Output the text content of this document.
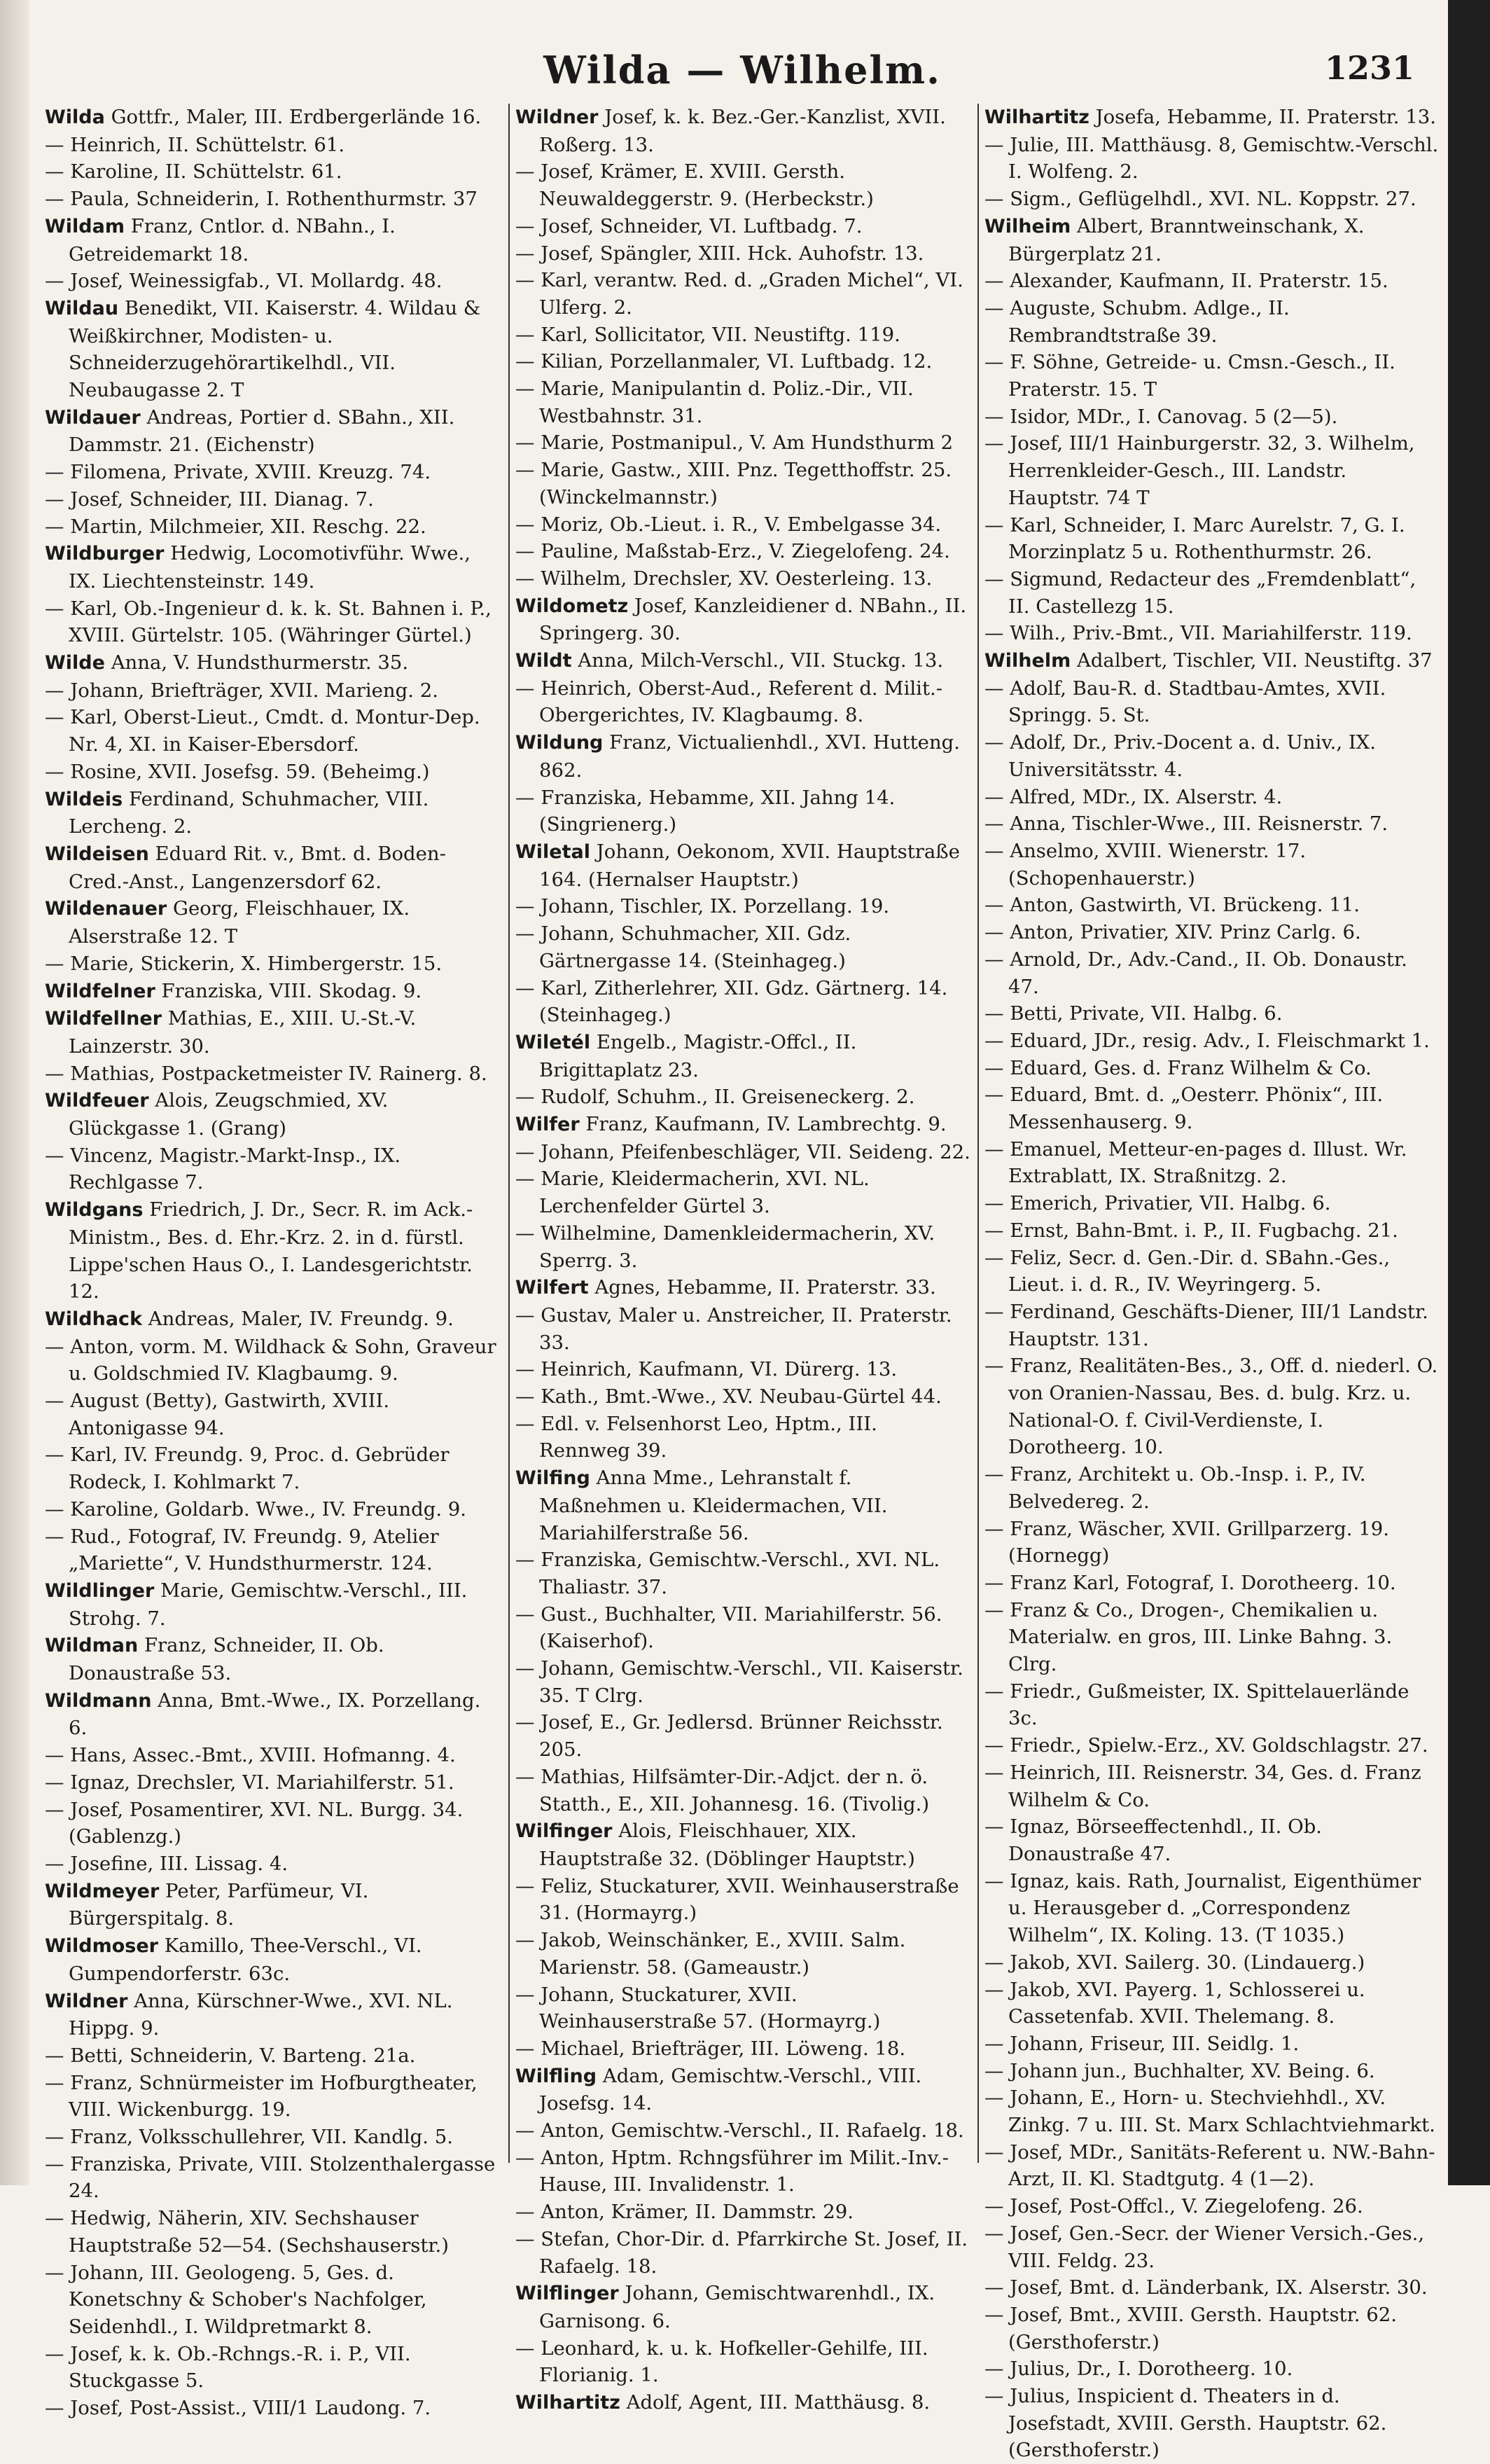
Wilda — Wilhelm.	1231

Wilda Gottfr., Maler, III. Erdbergerlände 16.

— Heinrich, II. Schüttelstr. 61.

— Karoline, II. Schüttelstr. 61.

— Paula, Schneiderin, I. Rothenthurmstr. 37

Wildam Franz, Cntlor. d. NBahn., I. Getreidemarkt 18.

— Josef, Weinessigfab., VI. Mollardg. 48.

Wildau Benedikt, VII. Kaiserstr. 4. Wildau & Weißkirchner, Modisten- u. Schneiderzugehörartikelhdl., VII. Neubaugasse 2. T

Wildauer Andreas, Portier d. SBahn., XII. Dammstr. 21. (Eichenstr)

— Filomena, Private, XVIII. Kreuzg. 74.

— Josef, Schneider, III. Dianag. 7.

— Martin, Milchmeier, XII. Reschg. 22.

Wildburger Hedwig, Locomotivführ. Wwe., IX. Liechtensteinstr. 149.

— Karl, Ob.-Ingenieur d. k. k. St. Bahnen i. P., XVIII. Gürtelstr. 105. (Währinger Gürtel.)

Wilde Anna, V. Hundsthurmerstr. 35.

— Johann, Briefträger, XVII. Marieng. 2.

— Karl, Oberst-Lieut., Cmdt. d. Montur-Dep. Nr. 4, XI. in Kaiser-Ebersdorf.

— Rosine, XVII. Josefsg. 59. (Beheimg.)

Wildeis Ferdinand, Schuhmacher, VIII. Lercheng. 2.

Wildeisen Eduard Rit. v., Bmt. d. Boden-Cred.-Anst., Langenzersdorf 62.

Wildenauer Georg, Fleischhauer, IX. Alserstraße 12. T

— Marie, Stickerin, X. Himbergerstr. 15.

Wildfelner Franziska, VIII. Skodag. 9.

Wildfellner Mathias, E., XIII. U.-St.-V. Lainzerstr. 30.

— Mathias, Postpacketmeister IV. Rainerg. 8.

Wildfeuer Alois, Zeugschmied, XV. Glückgasse 1. (Grang)

— Vincenz, Magistr.-Markt-Insp., IX. Rechlgasse 7.

Wildgans Friedrich, J. Dr., Secr. R. im Ack.-Ministm., Bes. d. Ehr.-Krz. 2. in d. fürstl. Lippe'schen Haus O., I. Landesgerichtstr. 12.

Wildhack Andreas, Maler, IV. Freundg. 9.

— Anton, vorm. M. Wildhack & Sohn, Graveur u. Goldschmied IV. Klagbaumg. 9.

— August (Betty), Gastwirth, XVIII. Antonigasse 94.

— Karl, IV. Freundg. 9, Proc. d. Gebrüder Rodeck, I. Kohlmarkt 7.

— Karoline, Goldarb. Wwe., IV. Freundg. 9.

— Rud., Fotograf, IV. Freundg. 9, Atelier „Mariette“, V. Hundsthurmerstr. 124.

Wildlinger Marie, Gemischtw.-Verschl., III. Strohg. 7.

Wildman Franz, Schneider, II. Ob. Donaustraße 53.

Wildmann Anna, Bmt.-Wwe., IX. Porzellang. 6.

— Hans, Assec.-Bmt., XVIII. Hofmanng. 4.

— Ignaz, Drechsler, VI. Mariahilferstr. 51.

— Josef, Posamentirer, XVI. NL. Burgg. 34. (Gablenzg.)

— Josefine, III. Lissag. 4.

Wildmeyer Peter, Parfümeur, VI. Bürgerspitalg. 8.

Wildmoser Kamillo, Thee-Verschl., VI. Gumpendorferstr. 63c.

Wildner Anna, Kürschner-Wwe., XVI. NL. Hippg. 9.

— Betti, Schneiderin, V. Barteng. 21a.

— Franz, Schnürmeister im Hofburgtheater, VIII. Wickenburgg. 19.

— Franz, Volksschullehrer, VII. Kandlg. 5.

— Franziska, Private, VIII. Stolzenthalergasse 24.

— Hedwig, Näherin, XIV. Sechshauser Hauptstraße 52—54. (Sechshauserstr.)

— Johann, III. Geologeng. 5, Ges. d. Konetschny & Schober's Nachfolger, Seidenhdl., I. Wildpretmarkt 8.

— Josef, k. k. Ob.-Rchngs.-R. i. P., VII. Stuckgasse 5.

— Josef, Post-Assist., VIII/1 Laudong. 7.

Wildner Josef, k. k. Bez.-Ger.-Kanzlist, XVII. Roßerg. 13.

— Josef, Krämer, E. XVIII. Gersth. Neuwaldeggerstr. 9. (Herbeckstr.)

— Josef, Schneider, VI. Luftbadg. 7.

— Josef, Spängler, XIII. Hck. Auhofstr. 13.

— Karl, verantw. Red. d. „Graden Michel“, VI. Ulferg. 2.

— Karl, Sollicitator, VII. Neustiftg. 119.

— Kilian, Porzellanmaler, VI. Luftbadg. 12.

— Marie, Manipulantin d. Poliz.-Dir., VII. Westbahnstr. 31.

— Marie, Postmanipul., V. Am Hundsthurm 2

— Marie, Gastw., XIII. Pnz. Tegetthoffstr. 25. (Winckelmannstr.)

— Moriz, Ob.-Lieut. i. R., V. Embelgasse 34.

— Pauline, Maßstab-Erz., V. Ziegelofeng. 24.

— Wilhelm, Drechsler, XV. Oesterleing. 13.

Wildometz Josef, Kanzleidiener d. NBahn., II. Springerg. 30.

Wildt Anna, Milch-Verschl., VII. Stuckg. 13.

— Heinrich, Oberst-Aud., Referent d. Milit.-Obergerichtes, IV. Klagbaumg. 8.

Wildung Franz, Victualienhdl., XVI. Hutteng. 862.

— Franziska, Hebamme, XII. Jahng 14. (Singrienerg.)

Wiletal Johann, Oekonom, XVII. Hauptstraße 164. (Hernalser Hauptstr.)

— Johann, Tischler, IX. Porzellang. 19.

— Johann, Schuhmacher, XII. Gdz. Gärtnergasse 14. (Steinhageg.)

— Karl, Zitherlehrer, XII. Gdz. Gärtnerg. 14. (Steinhageg.)

Wiletél Engelb., Magistr.-Offcl., II. Brigittaplatz 23.

— Rudolf, Schuhm., II. Greiseneckerg. 2.

Wilfer Franz, Kaufmann, IV. Lambrechtg. 9.

— Johann, Pfeifenbeschläger, VII. Seideng. 22.

— Marie, Kleidermacherin, XVI. NL. Lerchenfelder Gürtel 3.

— Wilhelmine, Damenkleidermacherin, XV. Sperrg. 3.

Wilfert Agnes, Hebamme, II. Praterstr. 33.

— Gustav, Maler u. Anstreicher, II. Praterstr. 33.

— Heinrich, Kaufmann, VI. Dürerg. 13.

— Kath., Bmt.-Wwe., XV. Neubau-Gürtel 44.

— Edl. v. Felsenhorst Leo, Hptm., III. Rennweg 39.

Wilfing Anna Mme., Lehranstalt f. Maßnehmen u. Kleidermachen, VII. Mariahilferstraße 56.

— Franziska, Gemischtw.-Verschl., XVI. NL. Thaliastr. 37.

— Gust., Buchhalter, VII. Mariahilferstr. 56. (Kaiserhof).

— Johann, Gemischtw.-Verschl., VII. Kaiserstr. 35. T Clrg.

— Josef, E., Gr. Jedlersd. Brünner Reichsstr. 205.

— Mathias, Hilfsämter-Dir.-Adjct. der n. ö. Statth., E., XII. Johannesg. 16. (Tivolig.)

Wilfinger Alois, Fleischhauer, XIX. Hauptstraße 32. (Döblinger Hauptstr.)

— Feliz, Stuckaturer, XVII. Weinhauserstraße 31. (Hormayrg.)

— Jakob, Weinschänker, E., XVIII. Salm. Marienstr. 58. (Gameaustr.)

— Johann, Stuckaturer, XVII. Weinhauserstraße 57. (Hormayrg.)

— Michael, Briefträger, III. Löweng. 18.

Wilfling Adam, Gemischtw.-Verschl., VIII. Josefsg. 14.

— Anton, Gemischtw.-Verschl., II. Rafaelg. 18.

— Anton, Hptm. Rchngsführer im Milit.-Inv.-Hause, III. Invalidenstr. 1.

— Anton, Krämer, II. Dammstr. 29.

— Stefan, Chor-Dir. d. Pfarrkirche St. Josef, II. Rafaelg. 18.

Wilflinger Johann, Gemischtwarenhdl., IX. Garnisong. 6.

— Leonhard, k. u. k. Hofkeller-Gehilfe, III. Florianig. 1.

Wilhartitz Adolf, Agent, III. Matthäusg. 8.

Wilhartitz Josefa, Hebamme, II. Praterstr. 13.

— Julie, III. Matthäusg. 8, Gemischtw.-Verschl. I. Wolfeng. 2.

— Sigm., Geflügelhdl., XVI. NL. Koppstr. 27.

Wilheim Albert, Branntweinschank, X. Bürgerplatz 21.

— Alexander, Kaufmann, II. Praterstr. 15.

— Auguste, Schubm. Adlge., II. Rembrandtstraße 39.

— F. Söhne, Getreide- u. Cmsn.-Gesch., II. Praterstr. 15. T

— Isidor, MDr., I. Canovag. 5 (2—5).

— Josef, III/1 Hainburgerstr. 32, 3. Wilhelm, Herrenkleider-Gesch., III. Landstr. Hauptstr. 74 T

— Karl, Schneider, I. Marc Aurelstr. 7, G. I. Morzinplatz 5 u. Rothenthurmstr. 26.

— Sigmund, Redacteur des „Fremdenblatt“, II. Castellezg 15.

— Wilh., Priv.-Bmt., VII. Mariahilferstr. 119.

Wilhelm Adalbert, Tischler, VII. Neustiftg. 37

— Adolf, Bau-R. d. Stadtbau-Amtes, XVII. Springg. 5. St.

— Adolf, Dr., Priv.-Docent a. d. Univ., IX. Universitätsstr. 4.

— Alfred, MDr., IX. Alserstr. 4.

— Anna, Tischler-Wwe., III. Reisnerstr. 7.

— Anselmo, XVIII. Wienerstr. 17. (Schopenhauerstr.)

— Anton, Gastwirth, VI. Brückeng. 11.

— Anton, Privatier, XIV. Prinz Carlg. 6.

— Arnold, Dr., Adv.-Cand., II. Ob. Donaustr. 47.

— Betti, Private, VII. Halbg. 6.

— Eduard, JDr., resig. Adv., I. Fleischmarkt 1.

— Eduard, Ges. d. Franz Wilhelm & Co.

— Eduard, Bmt. d. „Oesterr. Phönix“, III. Messenhauserg. 9.

— Emanuel, Metteur-en-pages d. Illust. Wr. Extrablatt, IX. Straßnitzg. 2.

— Emerich, Privatier, VII. Halbg. 6.

— Ernst, Bahn-Bmt. i. P., II. Fugbachg. 21.

— Feliz, Secr. d. Gen.-Dir. d. SBahn.-Ges., Lieut. i. d. R., IV. Weyringerg. 5.

— Ferdinand, Geschäfts-Diener, III/1 Landstr. Hauptstr. 131.

— Franz, Realitäten-Bes., 3., Off. d. niederl. O. von Oranien-Nassau, Bes. d. bulg. Krz. u. National-O. f. Civil-Verdienste, I. Dorotheerg. 10.

— Franz, Architekt u. Ob.-Insp. i. P., IV. Belvedereg. 2.

— Franz, Wäscher, XVII. Grillparzerg. 19. (Hornegg)

— Franz Karl, Fotograf, I. Dorotheerg. 10.

— Franz & Co., Drogen-, Chemikalien u. Materialw. en gros, III. Linke Bahng. 3. Clrg.

— Friedr., Gußmeister, IX. Spittelauerlände 3c.

— Friedr., Spielw.-Erz., XV. Goldschlagstr. 27.

— Heinrich, III. Reisnerstr. 34, Ges. d. Franz Wilhelm & Co.

— Ignaz, Börseeffectenhdl., II. Ob. Donaustraße 47.

— Ignaz, kais. Rath, Journalist, Eigenthümer u. Herausgeber d. „Correspondenz Wilhelm“, IX. Koling. 13. (T 1035.)

— Jakob, XVI. Sailerg. 30. (Lindauerg.)

— Jakob, XVI. Payerg. 1, Schlosserei u. Cassetenfab. XVII. Thelemang. 8.

— Johann, Friseur, III. Seidlg. 1.

— Johann jun., Buchhalter, XV. Being. 6.

— Johann, E., Horn- u. Stechviehhdl., XV. Zinkg. 7 u. III. St. Marx Schlachtviehmarkt.

— Josef, MDr., Sanitäts-Referent u. NW.-Bahn-Arzt, II. Kl. Stadtgutg. 4 (1—2).

— Josef, Post-Offcl., V. Ziegelofeng. 26.

— Josef, Gen.-Secr. der Wiener Versich.-Ges., VIII. Feldg. 23.

— Josef, Bmt. d. Länderbank, IX. Alserstr. 30.

— Josef, Bmt., XVIII. Gersth. Hauptstr. 62. (Gersthoferstr.)

— Julius, Dr., I. Dorotheerg. 10.

— Julius, Inspicient d. Theaters in d. Josefstadt, XVIII. Gersth. Hauptstr. 62. (Gersthoferstr.)
